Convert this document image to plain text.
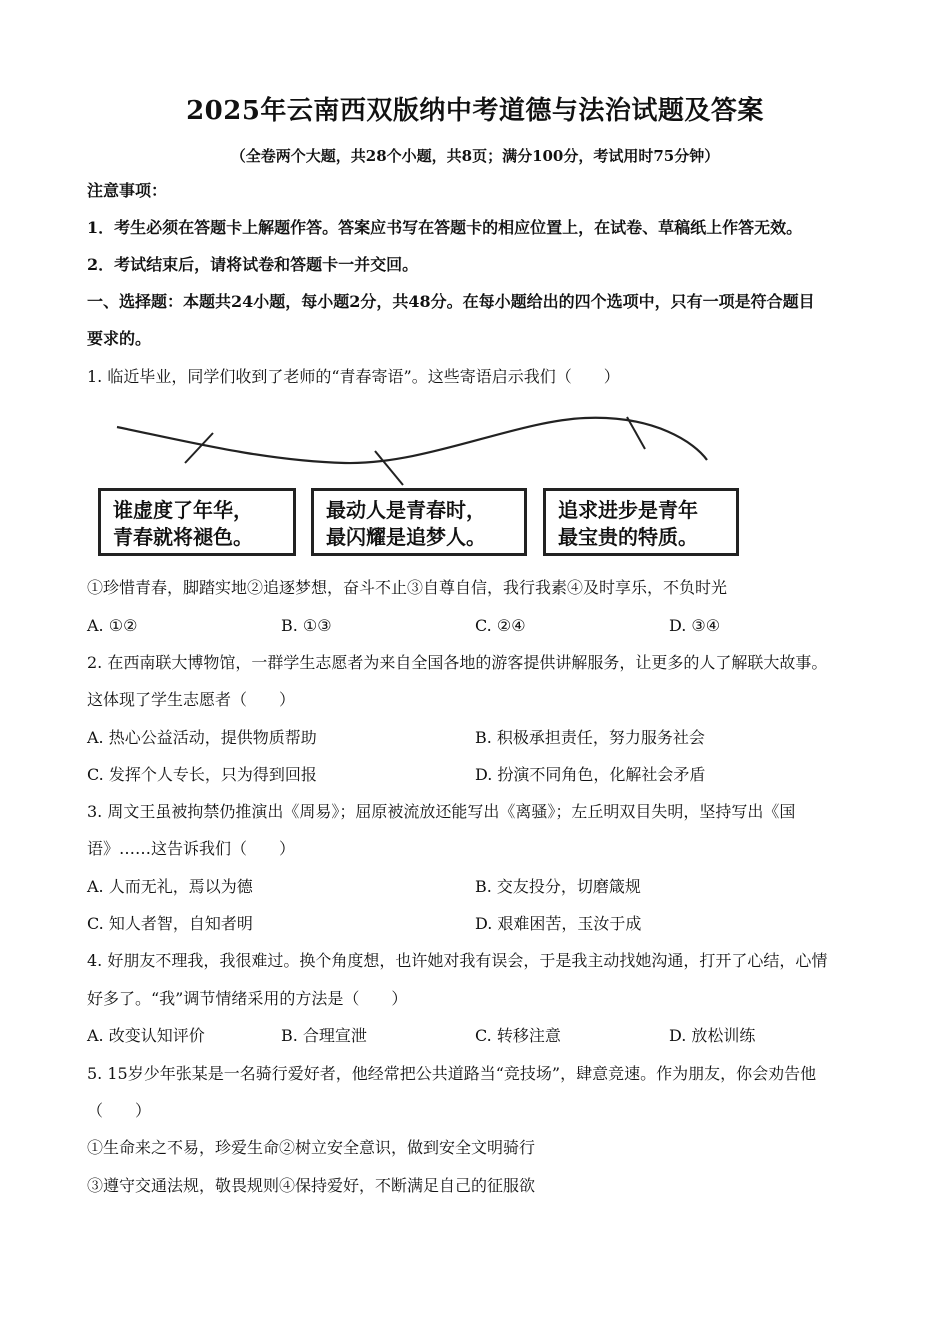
2025年云南西双版纳中考道德与法治试题及答案
（全卷两个大题，共28个小题，共8页；满分100分，考试用时75分钟）
注意事项：
1．考生必须在答题卡上解题作答。答案应书写在答题卡的相应位置上，在试卷、草稿纸上作答无效。
2．考试结束后，请将试卷和答题卡一并交回。
一、选择题：本题共24小题，每小题2分，共48分。在每小题给出的四个选项中，只有一项是符合题目
要求的。
1. 临近毕业，同学们收到了老师的“青春寄语”。这些寄语启示我们（　　）
谁虚度了年华，
青春就将褪色。
最动人是青春时，
最闪耀是追梦人。
追求进步是青年
最宝贵的特质。
①珍惜青春，脚踏实地②追逐梦想，奋斗不止③自尊自信，我行我素④及时享乐，不负时光
A. ①②	B. ①③	C. ②④	D. ③④
2. 在西南联大博物馆，一群学生志愿者为来自全国各地的游客提供讲解服务，让更多的人了解联大故事。
这体现了学生志愿者（　　）
A. 热心公益活动，提供物质帮助	B. 积极承担责任，努力服务社会
C. 发挥个人专长，只为得到回报	D. 扮演不同角色，化解社会矛盾
3. 周文王虽被拘禁仍推演出《周易》；屈原被流放还能写出《离骚》；左丘明双目失明，坚持写出《国
语》……这告诉我们（　　）
A. 人而无礼，焉以为德	B. 交友投分，切磨箴规
C. 知人者智，自知者明	D. 艰难困苦，玉汝于成
4. 好朋友不理我，我很难过。换个角度想，也许她对我有误会，于是我主动找她沟通，打开了心结，心情
好多了。“我”调节情绪采用的方法是（　　）
A. 改变认知评价	B. 合理宣泄	C. 转移注意	D. 放松训练
5. 15岁少年张某是一名骑行爱好者，他经常把公共道路当“竞技场”，肆意竞速。作为朋友，你会劝告他
（　　）
①生命来之不易，珍爱生命②树立安全意识，做到安全文明骑行
③遵守交通法规，敬畏规则④保持爱好，不断满足自己的征服欲
